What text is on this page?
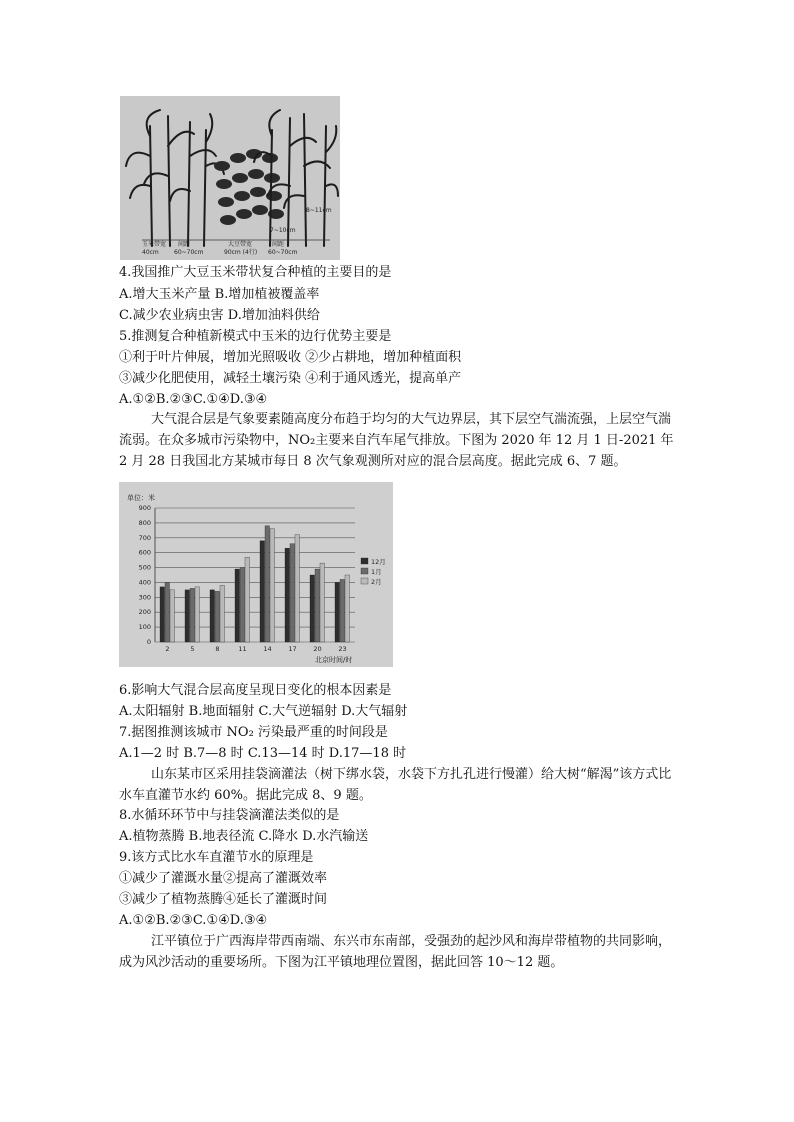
玉米带宽
40cm
间距
60~70cm
大豆带宽
90cm (4行)
间距
60~70cm
7~10cm
8~11cm
4.我国推广大豆玉米带状复合种植的主要目的是
A.增大玉米产量 B.增加植被覆盖率
C.减少农业病虫害 D.增加油料供给
5.推测复合种植新模式中玉米的边行优势主要是
①利于叶片伸展，增加光照吸收 ②少占耕地，增加种植面积
③减少化肥使用，减轻土壤污染 ④利于通风透光，提高单产
A.①②B.②③C.①④D.③④
大气混合层是气象要素随高度分布趋于均匀的大气边界层，其下层空气湍流强，上层空气湍流弱。在众多城市污染物中，NO₂主要来自汽车尾气排放。下图为 2020 年 12 月 1 日-2021 年 2 月 28 日我国北方某城市每日 8 次气象观测所对应的混合层高度。据此完成 6、7 题。
单位：米
北京时间/时
0
100
200
300
400
500
600
700
800
900
2	5	8	11	14	17	20	23
12月
1月
2月
6.影响大气混合层高度呈现日变化的根本因素是
A.太阳辐射 B.地面辐射 C.大气逆辐射 D.大气辐射
7.据图推测该城市 NO₂ 污染最严重的时间段是
A.1—2 时 B.7—8 时 C.13—14 时 D.17—18 时
山东某市区采用挂袋滴灌法（树下绑水袋，水袋下方扎孔进行慢灌）给大树“解渴”该方式比水车直灌节水约 60%。据此完成 8、9 题。
8.水循环环节中与挂袋滴灌法类似的是
A.植物蒸腾 B.地表径流 C.降水 D.水汽输送
9.该方式比水车直灌节水的原理是
①减少了灌溉水量②提高了灌溉效率
③减少了植物蒸腾④延长了灌溉时间
A.①②B.②③C.①④D.③④
江平镇位于广西海岸带西南端、东兴市东南部，受强劲的起沙风和海岸带植物的共同影响，成为风沙活动的重要场所。下图为江平镇地理位置图，据此回答 10～12 题。
